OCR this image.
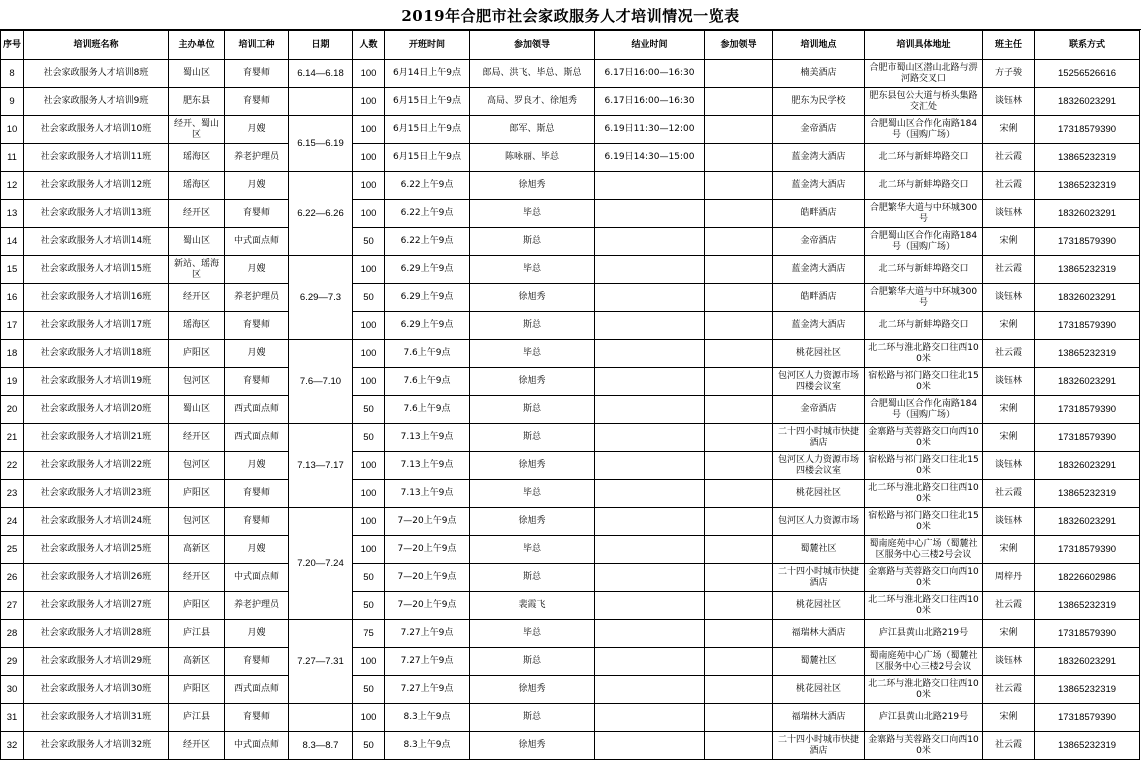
2019年合肥市社会家政服务人才培训情况一览表
序号	培训班名称	主办单位	培训工种	日期	人数	开班时间	参加领导	结业时间	参加领导	培训地点	培训具体地址	班主任	联系方式
8	社会家政服务人才培训8班	蜀山区	育婴师	6.14—6.18	100	6月14日上午9点	郎局、洪飞、毕总、斯总	6.17日16:00—16:30		楠美酒店	合肥市蜀山区潜山北路与淠河路交叉口	方子骏	15256526616
9	社会家政服务人才培训9班	肥东县	育婴师		100	6月15日上午9点	高局、罗良才、徐旭秀	6.17日16:00—16:30		肥东为民学校	肥东县包公大道与桥头集路交汇处	谈钰林	18326023291
10	社会家政服务人才培训10班	经开、蜀山区	月嫂	6.15—6.19	100	6月15日上午9点	郎军、斯总	6.19日11:30—12:00		金帝酒店	合肥蜀山区合作化南路184号（国购广场）	宋俐	17318579390
11	社会家政服务人才培训11班	瑶海区	养老护理员		100	6月15日上午9点	陈咏丽、毕总	6.19日14:30—15:00		蓝金湾大酒店	北二环与新蚌埠路交口	社云霞	13865232319
12	社会家政服务人才培训12班	瑶海区	月嫂	6.22—6.26	100	6.22上午9点	徐旭秀			蓝金湾大酒店	北二环与新蚌埠路交口	社云霞	13865232319
13	社会家政服务人才培训13班	经开区	育婴师		100	6.22上午9点	毕总			皓畔酒店	合肥繁华大道与中环城300号	谈钰林	18326023291
14	社会家政服务人才培训14班	蜀山区	中式面点师		50	6.22上午9点	斯总			金帝酒店	合肥蜀山区合作化南路184号（国购广场）	宋俐	17318579390
15	社会家政服务人才培训15班	新站、瑶海区	月嫂	6.29—7.3	100	6.29上午9点	毕总			蓝金湾大酒店	北二环与新蚌埠路交口	社云霞	13865232319
16	社会家政服务人才培训16班	经开区	养老护理员		50	6.29上午9点	徐旭秀			皓畔酒店	合肥繁华大道与中环城300号	谈钰林	18326023291
17	社会家政服务人才培训17班	瑶海区	育婴师		100	6.29上午9点	斯总			蓝金湾大酒店	北二环与新蚌埠路交口	宋俐	17318579390
18	社会家政服务人才培训18班	庐阳区	月嫂	7.6—7.10	100	7.6上午9点	毕总			桃花园社区	北二环与淮北路交口往西100米	社云霞	13865232319
19	社会家政服务人才培训19班	包河区	育婴师		100	7.6上午9点	徐旭秀			包河区人力资源市场四楼会议室	宿松路与祁门路交口往北150米	谈钰林	18326023291
20	社会家政服务人才培训20班	蜀山区	西式面点师		50	7.6上午9点	斯总			金帝酒店	合肥蜀山区合作化南路184号（国购广场）	宋俐	17318579390
21	社会家政服务人才培训21班	经开区	西式面点师	7.13—7.17	50	7.13上午9点	斯总			二十四小时城市快捷酒店	金寨路与芙蓉路交口向西100米	宋俐	17318579390
22	社会家政服务人才培训22班	包河区	月嫂		100	7.13上午9点	徐旭秀			包河区人力资源市场四楼会议室	宿松路与祁门路交口往北150米	谈钰林	18326023291
23	社会家政服务人才培训23班	庐阳区	育婴师		100	7.13上午9点	毕总			桃花园社区	北二环与淮北路交口往西100米	社云霞	13865232319
24	社会家政服务人才培训24班	包河区	育婴师	7.20—7.24	100	7—20上午9点	徐旭秀			包河区人力资源市场	宿松路与祁门路交口往北150米	谈钰林	18326023291
25	社会家政服务人才培训25班	高新区	月嫂		100	7—20上午9点	毕总			蜀麓社区	蜀南庭苑中心广场（蜀麓社区服务中心三楼2号会议	宋俐	17318579390
26	社会家政服务人才培训26班	经开区	中式面点师		50	7—20上午9点	斯总			二十四小时城市快捷酒店	金寨路与芙蓉路交口向西100米	周梓丹	18226602986
27	社会家政服务人才培训27班	庐阳区	养老护理员		50	7—20上午9点	裴霞飞			桃花园社区	北二环与淮北路交口往西100米	社云霞	13865232319
28	社会家政服务人才培训28班	庐江县	月嫂	7.27—7.31	75	7.27上午9点	毕总			福瑞林大酒店	庐江县黄山北路219号	宋俐	17318579390
29	社会家政服务人才培训29班	高新区	育婴师		100	7.27上午9点	斯总			蜀麓社区	蜀南庭苑中心广场（蜀麓社区服务中心三楼2号会议	谈钰林	18326023291
30	社会家政服务人才培训30班	庐阳区	西式面点师		50	7.27上午9点	徐旭秀			桃花园社区	北二环与淮北路交口往西100米	社云霞	13865232319
31	社会家政服务人才培训31班	庐江县	育婴师		100	8.3上午9点	斯总			福瑞林大酒店	庐江县黄山北路219号	宋俐	17318579390
32	社会家政服务人才培训32班	经开区	中式面点师	8.3—8.7	50	8.3上午9点	徐旭秀			二十四小时城市快捷酒店	金寨路与芙蓉路交口向西100米	社云霞	13865232319
